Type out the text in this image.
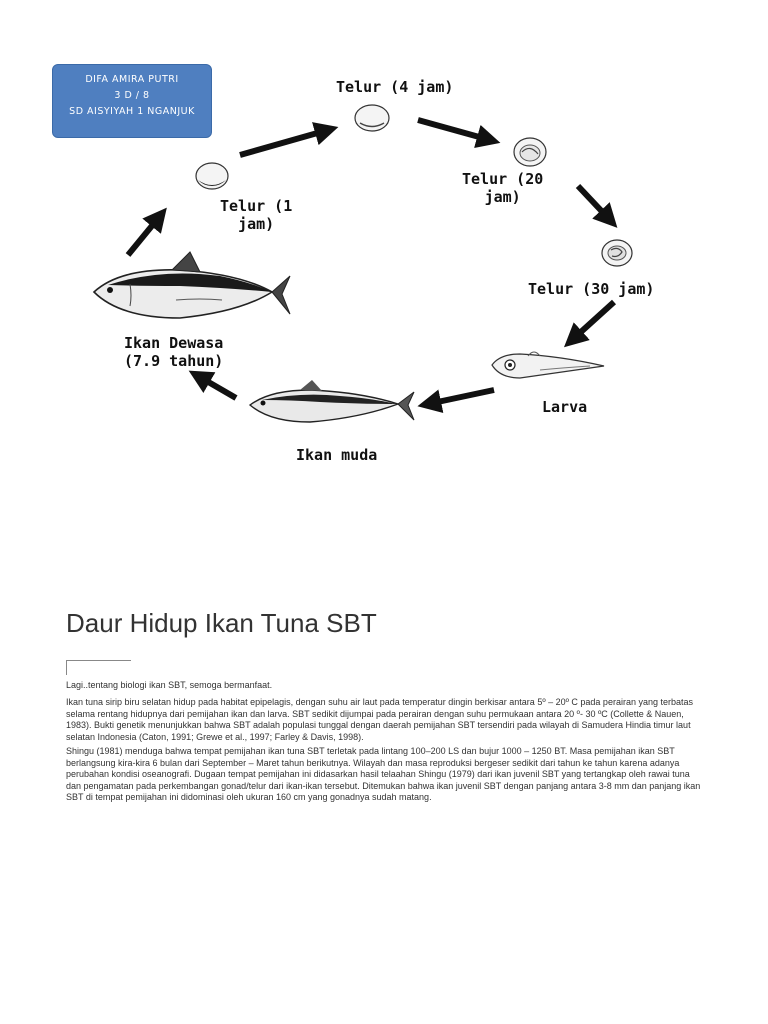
Telur (4 jam)
Telur (20
jam)
Telur (30 jam)
Larva
Ikan muda
Ikan Dewasa
(7.9 tahun)
Telur (1
jam)
DIFA AMIRA PUTRI
3 D / 8
SD AISYIYAH 1 NGANJUK
Daur Hidup Ikan Tuna SBT

Lagi..tentang biologi ikan SBT, semoga bermanfaat.

Ikan tuna sirip biru selatan hidup pada habitat epipelagis, dengan suhu air laut pada temperatur dingin berkisar antara 5º – 20º C pada perairan yang terbatas selama rentang hidupnya dari pemijahan ikan dan larva. SBT sedikit dijumpai pada perairan dengan suhu permukaan antara 20 º- 30 ºC (Collette & Nauen, 1983). Bukti genetik menunjukkan bahwa SBT adalah populasi tunggal dengan daerah pemijahan SBT tersendiri pada wilayah di Samudera Hindia timur laut selatan Indonesia (Caton, 1991; Grewe et al., 1997; Farley & Davis, 1998).

Shingu (1981) menduga bahwa tempat pemijahan ikan tuna SBT terletak pada lintang 100–200 LS dan bujur 1000 – 1250 BT. Masa pemijahan ikan SBT berlangsung kira-kira 6 bulan dari September – Maret tahun berikutnya. Wilayah dan masa reproduksi bergeser sedikit dari tahun ke tahun karena adanya perubahan kondisi oseanografi. Dugaan tempat pemijahan ini didasarkan hasil telaahan Shingu (1979) dari ikan juvenil SBT yang tertangkap oleh rawai tuna dan pengamatan pada perkembangan gonad/telur dari ikan-ikan tersebut. Ditemukan bahwa ikan juvenil SBT dengan panjang antara 3-8 mm dan panjang ikan SBT di tempat pemijahan ini didominasi oleh ukuran 160 cm yang gonadnya sudah matang.
